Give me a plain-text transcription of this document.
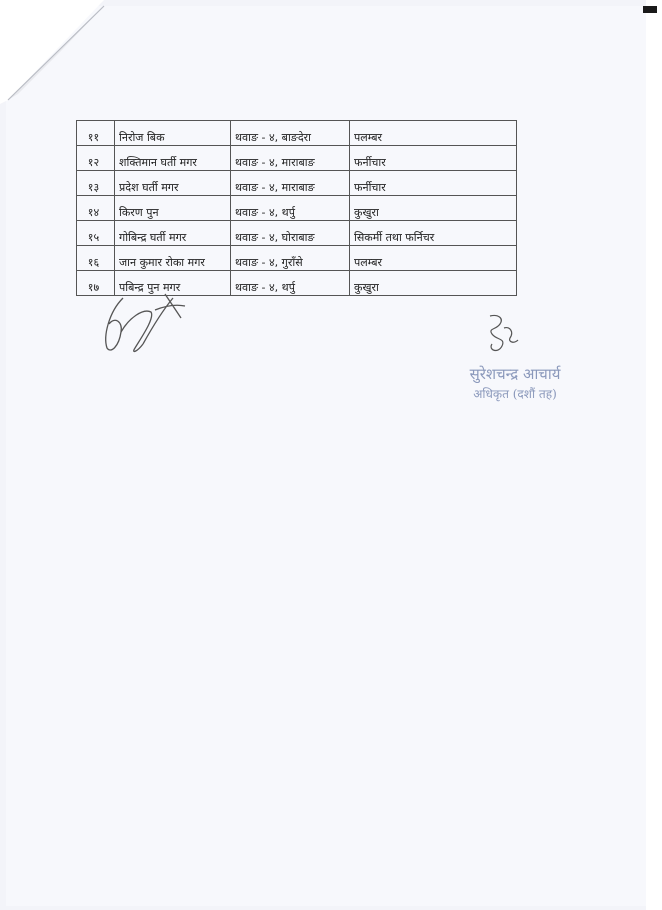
११	निरोज बिक	थवाङ - ४, बाङदेरा	पलम्बर
१२	शक्तिमान घर्ती मगर	थवाङ - ४, माराबाङ	फर्नीचार
१३	प्रदेश घर्ती मगर	थवाङ - ४, माराबाङ	फर्नीचार
१४	किरण पुन	थवाङ - ४, थर्पु	कुखुरा
१५	गोबिन्द्र घर्ती मगर	थवाङ - ४, घोराबाङ	सिकर्मी तथा फर्निचर
१६	जान कुमार रोका मगर	थवाङ - ४, गुराँसे	पलम्बर
१७	पबिन्द्र पुन मगर	थवाङ - ४, थर्पु	कुखुरा
सुरेशचन्द्र आचार्य
अधिकृत (दशौं तह)
